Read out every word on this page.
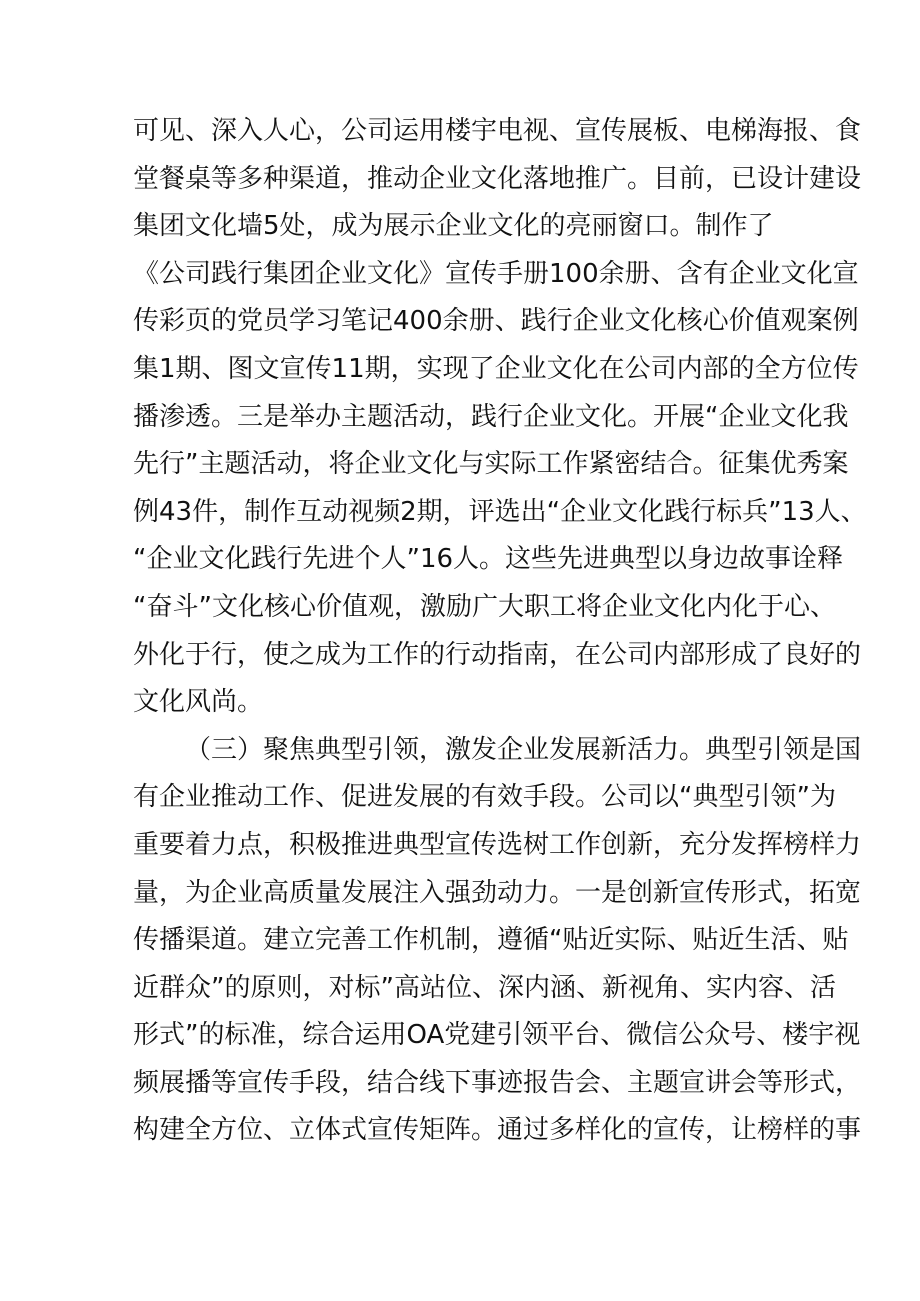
可见、深入人心，公司运用楼宇电视、宣传展板、电梯海报、食
堂餐桌等多种渠道，推动企业文化落地推广。目前，已设计建设
集团文化墙5处，成为展示企业文化的亮丽窗口。制作了
《公司践行集团企业文化》宣传手册100余册、含有企业文化宣
传彩页的党员学习笔记400余册、践行企业文化核心价值观案例
集1期、图文宣传11期，实现了企业文化在公司内部的全方位传
播渗透。三是举办主题活动，践行企业文化。开展“企业文化我
先行”主题活动，将企业文化与实际工作紧密结合。征集优秀案
例43件，制作互动视频2期，评选出“企业文化践行标兵”13人、
“企业文化践行先进个人”16人。这些先进典型以身边故事诠释
“奋斗”文化核心价值观，激励广大职工将企业文化内化于心、
外化于行，使之成为工作的行动指南，在公司内部形成了良好的
文化风尚。
（三）聚焦典型引领，激发企业发展新活力。典型引领是国
有企业推动工作、促进发展的有效手段。公司以“典型引领”为
重要着力点，积极推进典型宣传选树工作创新，充分发挥榜样力
量，为企业高质量发展注入强劲动力。一是创新宣传形式，拓宽
传播渠道。建立完善工作机制，遵循“贴近实际、贴近生活、贴
近群众”的原则，对标”高站位、深内涵、新视角、实内容、活
形式”的标准，综合运用OA党建引领平台、微信公众号、楼宇视
频展播等宣传手段，结合线下事迹报告会、主题宣讲会等形式，
构建全方位、立体式宣传矩阵。通过多样化的宣传，让榜样的事
